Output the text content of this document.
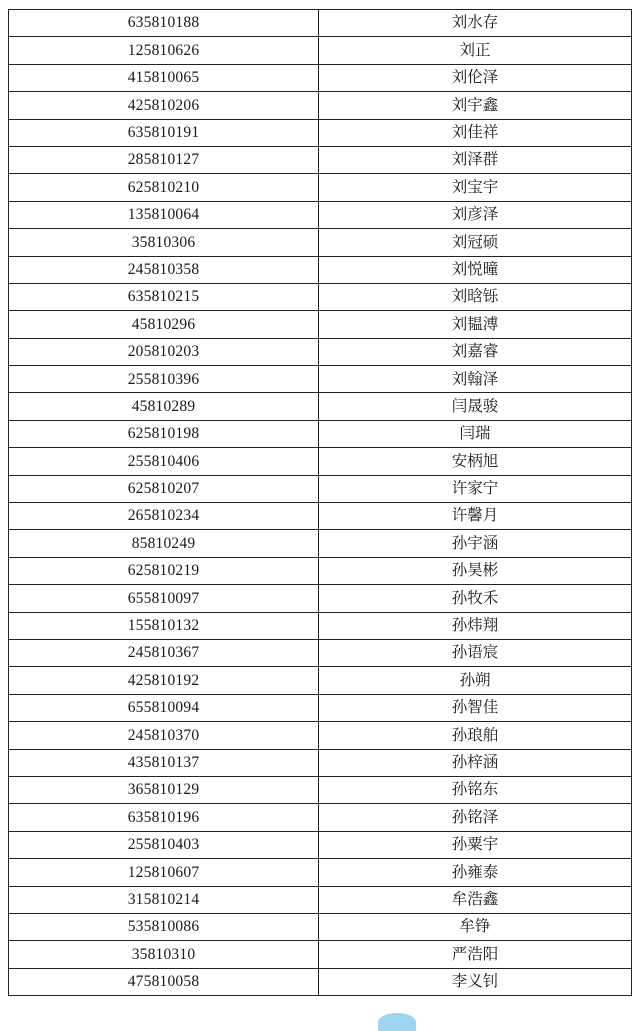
635810188	刘水存
125810626	刘正
415810065	刘伦泽
425810206	刘宇鑫
635810191	刘佳祥
285810127	刘泽群
625810210	刘宝宇
135810064	刘彦泽
35810306	刘冠硕
245810358	刘悦曈
635810215	刘晗铄
45810296	刘韫溥
205810203	刘嘉睿
255810396	刘翰泽
45810289	闫晟骏
625810198	闫瑞
255810406	安柄旭
625810207	许家宁
265810234	许馨月
85810249	孙宇涵
625810219	孙昊彬
655810097	孙牧禾
155810132	孙炜翔
245810367	孙语宸
425810192	孙朔
655810094	孙智佳
245810370	孙琅舶
435810137	孙梓涵
365810129	孙铭东
635810196	孙铭泽
255810403	孙粟宇
125810607	孙雍泰
315810214	牟浩鑫
535810086	牟铮
35810310	严浩阳
475810058	李义钊
